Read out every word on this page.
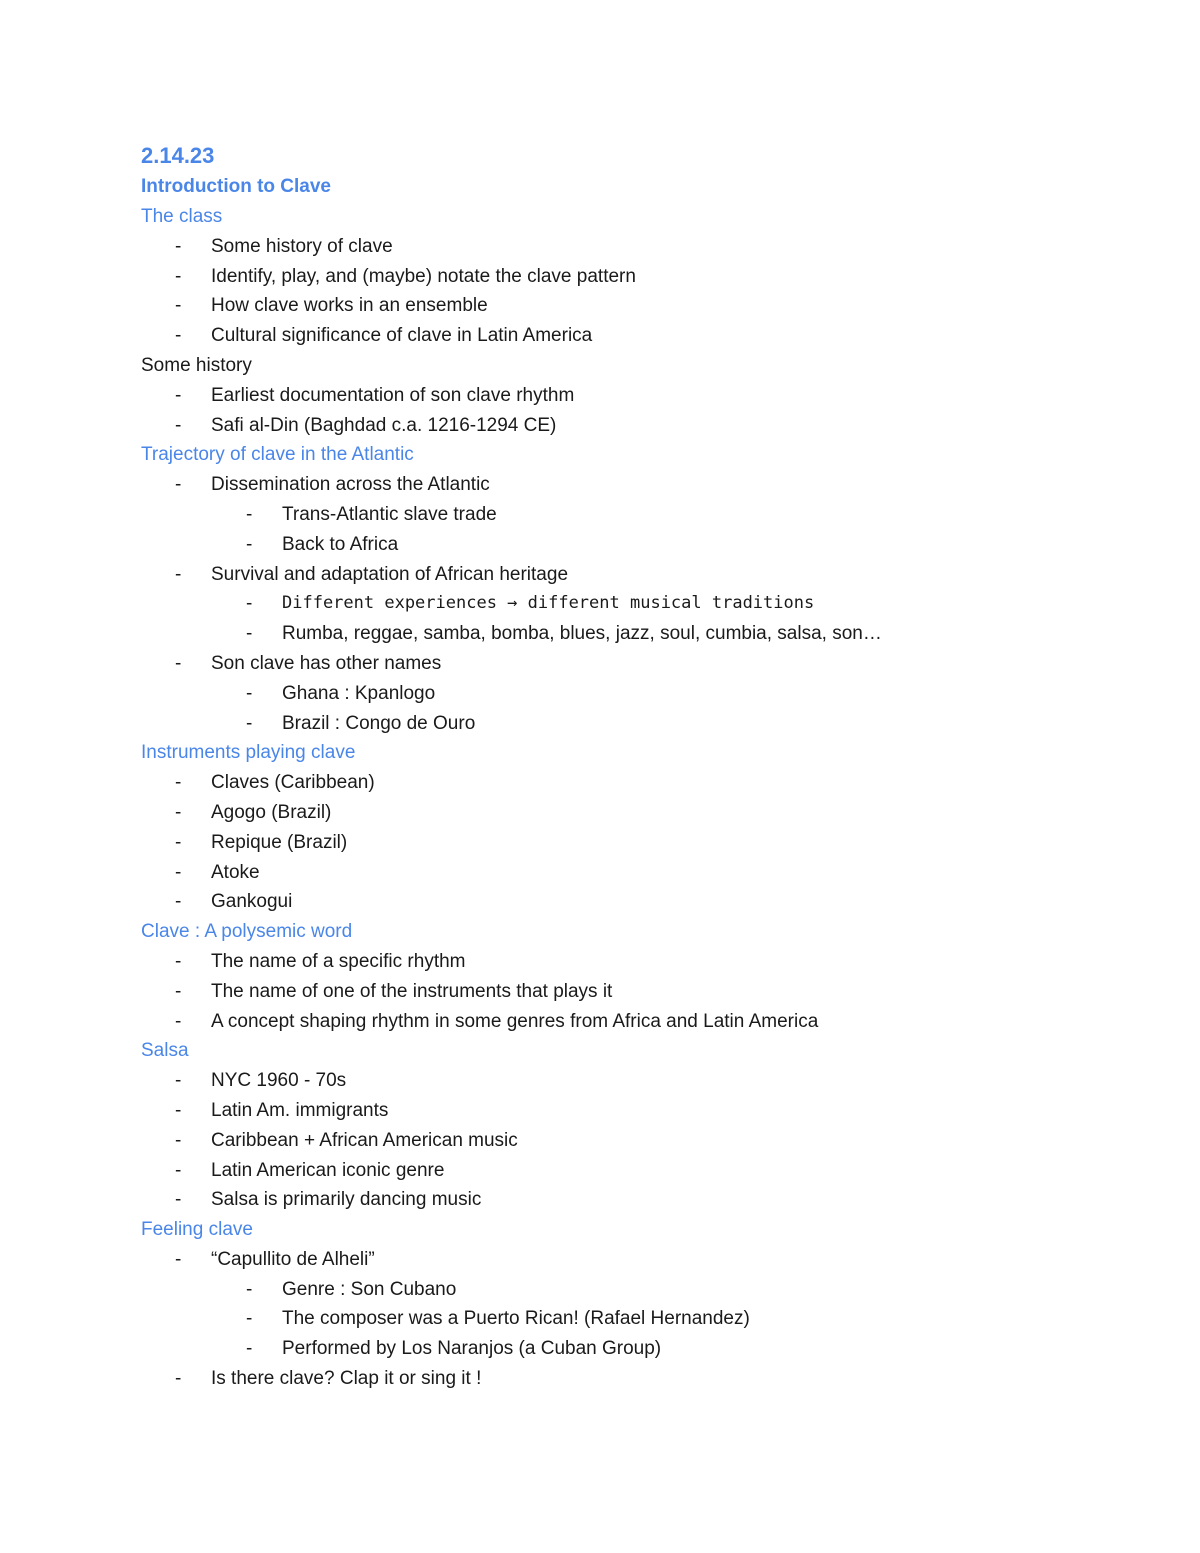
2.14.23
Introduction to Clave
The class
- Some history of clave
- Identify, play, and (maybe) notate the clave pattern
- How clave works in an ensemble
- Cultural significance of clave in Latin America
Some history
- Earliest documentation of son clave rhythm
- Safi al-Din (Baghdad c.a. 1216-1294 CE)
Trajectory of clave in the Atlantic
- Dissemination across the Atlantic
- Trans-Atlantic slave trade
- Back to Africa
- Survival and adaptation of African heritage
- Different experiences → different musical traditions
- Rumba, reggae, samba, bomba, blues, jazz, soul, cumbia, salsa, son…
- Son clave has other names
- Ghana : Kpanlogo
- Brazil : Congo de Ouro
Instruments playing clave
- Claves (Caribbean)
- Agogo (Brazil)
- Repique (Brazil)
- Atoke
- Gankogui
Clave : A polysemic word
- The name of a specific rhythm
- The name of one of the instruments that plays it
- A concept shaping rhythm in some genres from Africa and Latin America
Salsa
- NYC 1960 - 70s
- Latin Am. immigrants
- Caribbean + African American music
- Latin American iconic genre
- Salsa is primarily dancing music
Feeling clave
- “Capullito de Alheli”
- Genre : Son Cubano
- The composer was a Puerto Rican! (Rafael Hernandez)
- Performed by Los Naranjos (a Cuban Group)
- Is there clave? Clap it or sing it !
